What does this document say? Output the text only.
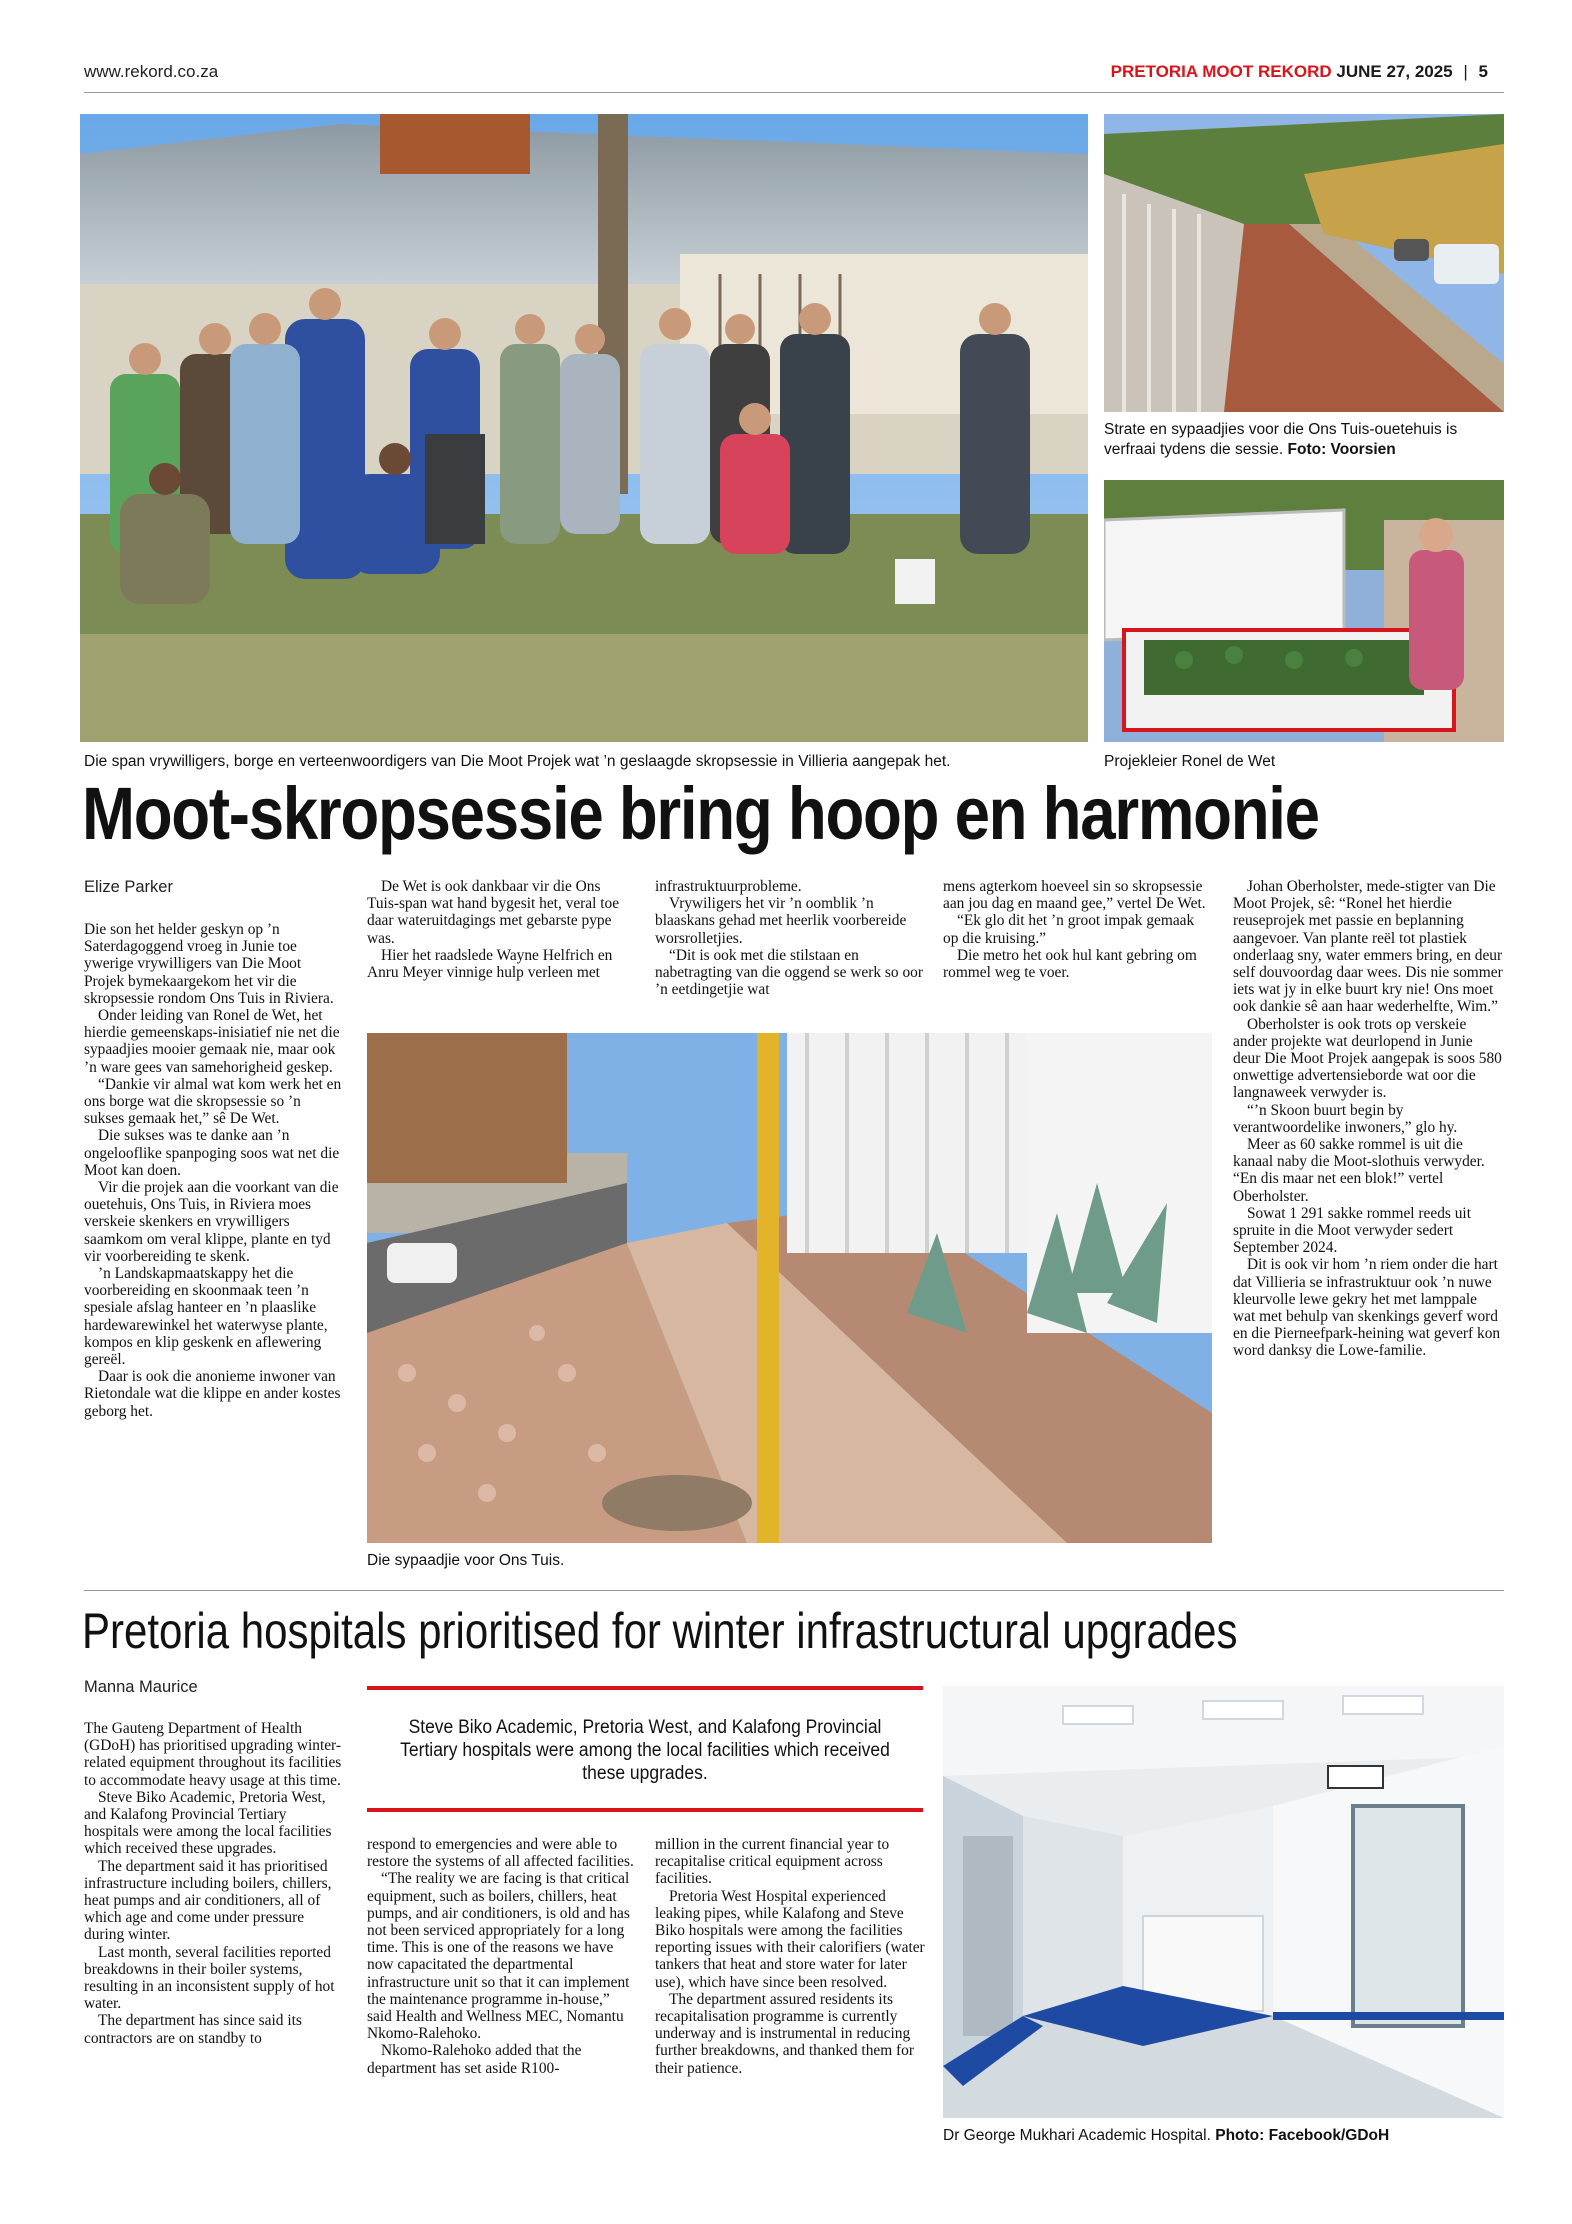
www.rekord.co.za	PRETORIA MOOT REKORD JUNE 27, 2025 | 5
Die span vrywilligers, borge en verteenwoordigers van Die Moot Projek wat ’n geslaagde skropsessie in Villieria aangepak het.
Strate en sypaadjies voor die Ons Tuis-ouetehuis is verfraai tydens die sessie. Foto: Voorsien
Projekleier Ronel de Wet
Moot-skropsessie bring hoop en harmonie
Elize Parker

Die son het helder geskyn op ’n Saterdagoggend vroeg in Junie toe ywerige vrywilligers van Die Moot Projek bymekaargekom het vir die skropsessie rondom Ons Tuis in Riviera.

Onder leiding van Ronel de Wet, het hierdie gemeenskaps-inisiatief nie net die sypaadjies mooier gemaak nie, maar ook ’n ware gees van samehorigheid geskep.

“Dankie vir almal wat kom werk het en ons borge wat die skropsessie so ’n sukses gemaak het,” sê De Wet.

Die sukses was te danke aan ’n ongelooflike spanpoging soos wat net die Moot kan doen.

Vir die projek aan die voorkant van die ouetehuis, Ons Tuis, in Riviera moes verskeie skenkers en vrywilligers saamkom om veral klippe, plante en tyd vir voorbereiding te skenk.

’n Landskapmaatskappy het die voorbereiding en skoonmaak teen ’n spesiale afslag hanteer en ’n plaaslike hardewarewinkel het waterwyse plante, kompos en klip geskenk en aflewering gereël.

Daar is ook die anonieme inwoner van Rietondale wat die klippe en ander kostes geborg het.

De Wet is ook dankbaar vir die Ons Tuis-span wat hand bygesit het, veral toe daar wateruitdagings met gebarste pype was.

Hier het raadslede Wayne Helfrich en Anru Meyer vinnige hulp verleen met

infrastruktuurprobleme.

Vrywiligers het vir ’n oomblik ’n blaaskans gehad met heerlik voorbereide worsrolletjies.

“Dit is ook met die stilstaan en nabetragting van die oggend se werk so oor ’n eetdingetjie wat

mens agterkom hoeveel sin so skropsessie aan jou dag en maand gee,” vertel De Wet.

“Ek glo dit het ’n groot impak gemaak op die kruising.”

Die metro het ook hul kant gebring om rommel weg te voer.

Die sypaadjie voor Ons Tuis.

Johan Oberholster, mede-stigter van Die Moot Projek, sê: “Ronel het hierdie reuseprojek met passie en beplanning aangevoer. Van plante reël tot plastiek onderlaag sny, water emmers bring, en deur self douvoordag daar wees. Dis nie sommer iets wat jy in elke buurt kry nie! Ons moet ook dankie sê aan haar wederhelfte, Wim.”

Oberholster is ook trots op verskeie ander projekte wat deurlopend in Junie deur Die Moot Projek aangepak is soos 580 onwettige advertensieborde wat oor die langnaweek verwyder is.

“’n Skoon buurt begin by verantwoordelike inwoners,” glo hy.

Meer as 60 sakke rommel is uit die kanaal naby die Moot-slothuis verwyder. “En dis maar net een blok!” vertel Oberholster.

Sowat 1 291 sakke rommel reeds uit spruite in die Moot verwyder sedert September 2024.

Dit is ook vir hom ’n riem onder die hart dat Villieria se infrastruktuur ook ’n nuwe kleurvolle lewe gekry het met lamppale wat met behulp van skenkings geverf word en die Pierneefpark-heining wat geverf kon word danksy die Lowe-familie.

Pretoria hospitals prioritised for winter infrastructural upgrades
Manna Maurice

The Gauteng Department of Health (GDoH) has prioritised upgrading winter-related equipment throughout its facilities to accommodate heavy usage at this time.

Steve Biko Academic, Pretoria West, and Kalafong Provincial Tertiary hospitals were among the local facilities which received these upgrades.

The department said it has prioritised infrastructure including boilers, chillers, heat pumps and air conditioners, all of which age and come under pressure during winter.

Last month, several facilities reported breakdowns in their boiler systems, resulting in an inconsistent supply of hot water.

The department has since said its contractors are on standby to

Steve Biko Academic, Pretoria West, and Kalafong Provincial Tertiary hospitals were among the local facilities which received these upgrades.

respond to emergencies and were able to restore the systems of all affected facilities.

“The reality we are facing is that critical equipment, such as boilers, chillers, heat pumps, and air conditioners, is old and has not been serviced appropriately for a long time. This is one of the reasons we have now capacitated the departmental infrastructure unit so that it can implement the maintenance programme in-house,” said Health and Wellness MEC, Nomantu Nkomo-Ralehoko.

Nkomo-Ralehoko added that the department has set aside R100-

million in the current financial year to recapitalise critical equipment across facilities.

Pretoria West Hospital experienced leaking pipes, while Kalafong and Steve Biko hospitals were among the facilities reporting issues with their calorifiers (water tankers that heat and store water for later use), which have since been resolved.

The department assured residents its recapitalisation programme is currently underway and is instrumental in reducing further breakdowns, and thanked them for their patience.

Dr George Mukhari Academic Hospital. Photo: Facebook/GDoH
